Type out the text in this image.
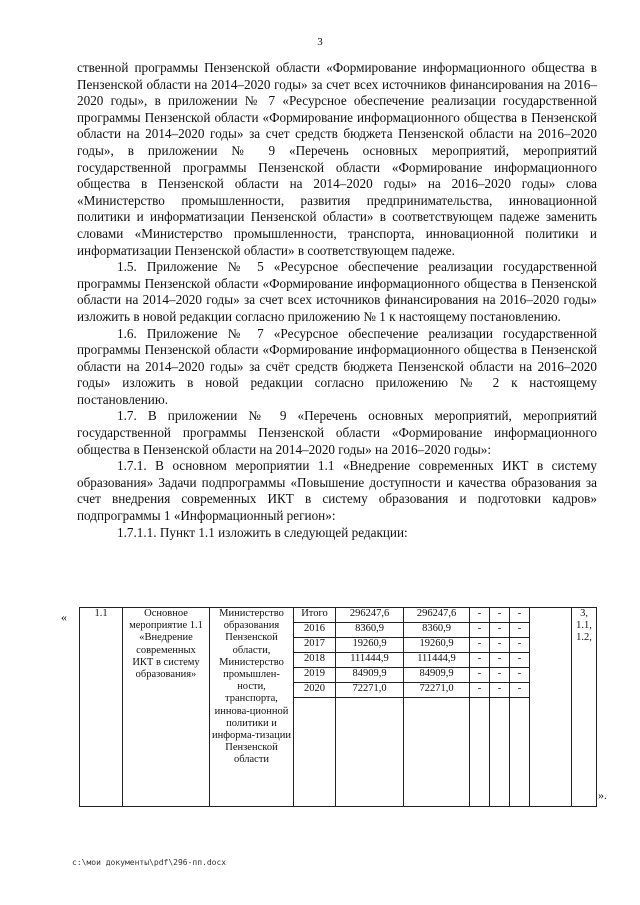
3

ственной программы Пензенской области «Формирование информационного общества в Пензенской области на 2014–2020 годы» за счет всех источников финансирования на 2016–2020 годы», в приложении № 7 «Ресурсное обеспечение реализации государственной программы Пензенской области «Формирование информационного общества в Пензенской области на 2014–2020 годы» за счет средств бюджета Пензенской области на 2016–2020 годы», в приложении № 9 «Перечень основных мероприятий, мероприятий государственной программы Пензенской области «Формирование информационного общества в Пензенской области на 2014–2020 годы» на 2016–2020 годы» слова «Министерство промышленности, развития предпринимательства, инновационной политики и информатизации Пензенской области» в соответствующем падеже заменить словами «Министерство промышленности, транспорта, инновационной политики и информатизации Пензенской области» в соответствующем падеже.

1.5. Приложение № 5 «Ресурсное обеспечение реализации государственной программы Пензенской области «Формирование информационного общества в Пензенской области на 2014–2020 годы» за счет всех источников финансирования на 2016–2020 годы» изложить в новой редакции согласно приложению № 1 к настоящему постановлению.

1.6. Приложение № 7 «Ресурсное обеспечение реализации государственной программы Пензенской области «Формирование информационного общества в Пензенской области на 2014–2020 годы» за счёт средств бюджета Пензенской области на 2016–2020 годы» изложить в новой редакции согласно приложению № 2 к настоящему постановлению.

1.7. В приложении № 9 «Перечень основных мероприятий, мероприятий государственной программы Пензенской области «Формирование информационного общества в Пензенской области на 2014–2020 годы» на 2016–2020 годы»:

1.7.1. В основном мероприятии 1.1 «Внедрение современных ИКТ в систему образования» Задачи подпрограммы «Повышение доступности и качества образования за счет внедрения современных ИКТ в систему образования и подготовки кадров» подпрограммы 1 «Информационный регион»:

1.7.1.1. Пункт 1.1 изложить в следующей редакции:

«	1.1	Основное мероприятие 1.1 «Внедрение современных ИКТ в систему образования»	Министерство образования Пензенской области, Министерство промышлен-ности, транспорта, иннова-ционной политики и информа-тизации Пензенской области	Итого	296247,6	296247,6	-	-	-		3, 1.1, 1.2,
			2016	8360,9	8360,9	-	-	-		
			2017	19260,9	19260,9	-	-	-		
			2018	111444,9	111444,9	-	-	-		
			2019	84909,9	84909,9	-	-	-		
			2020	72271,0	72271,0	-	-	-		

».
c:\мои документы\pdf\296-пп.docx
